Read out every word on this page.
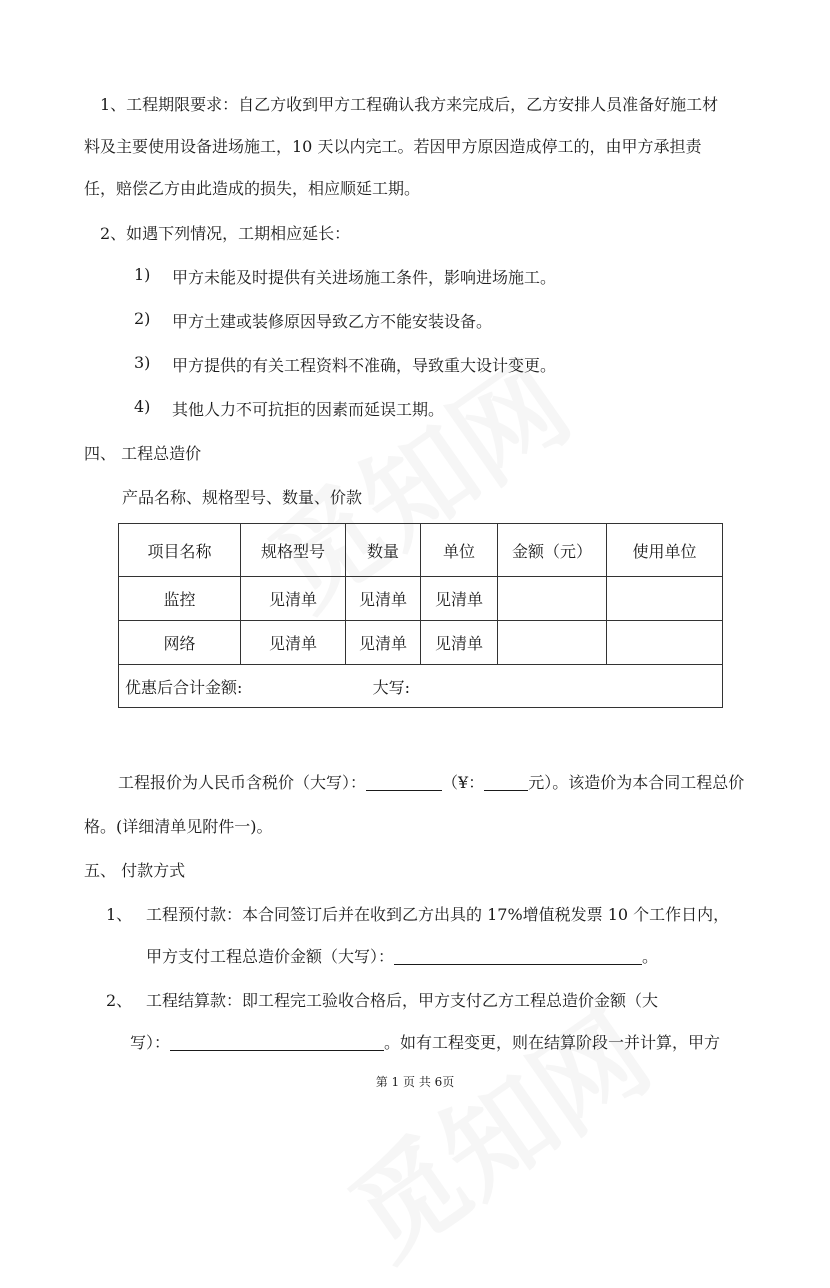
1、工程期限要求：自乙方收到甲方工程确认我方来完成后，乙方安排人员准备好施工材
料及主要使用设备进场施工，10 天以内完工。若因甲方原因造成停工的，由甲方承担责
任，赔偿乙方由此造成的损失，相应顺延工期。
2、如遇下列情况，工期相应延长：
1) 甲方未能及时提供有关进场施工条件，影响进场施工。
2) 甲方土建或装修原因导致乙方不能安装设备。
3) 甲方提供的有关工程资料不准确，导致重大设计变更。
4) 其他人力不可抗拒的因素而延误工期。
四、 工程总造价
产品名称、规格型号、数量、价款
项目名称	规格型号	数量	单位	金额（元）	使用单位
监控	见清单	见清单	见清单		
网络	见清单	见清单	见清单		
优惠后合计金额: 大写:					
工程报价为人民币含税价（大写）：	（¥：	元）。该造价为本合同工程总价
格。(详细清单见附件一)。
五、 付款方式
1、 工程预付款：本合同签订后并在收到乙方出具的 17%增值税发票 10 个工作日内，
甲方支付工程总造价金额（大写）：	。
2、 工程结算款：即工程完工验收合格后，甲方支付乙方工程总造价金额（大
写）：	。如有工程变更，则在结算阶段一并计算，甲方
第 1 页 共 6页
